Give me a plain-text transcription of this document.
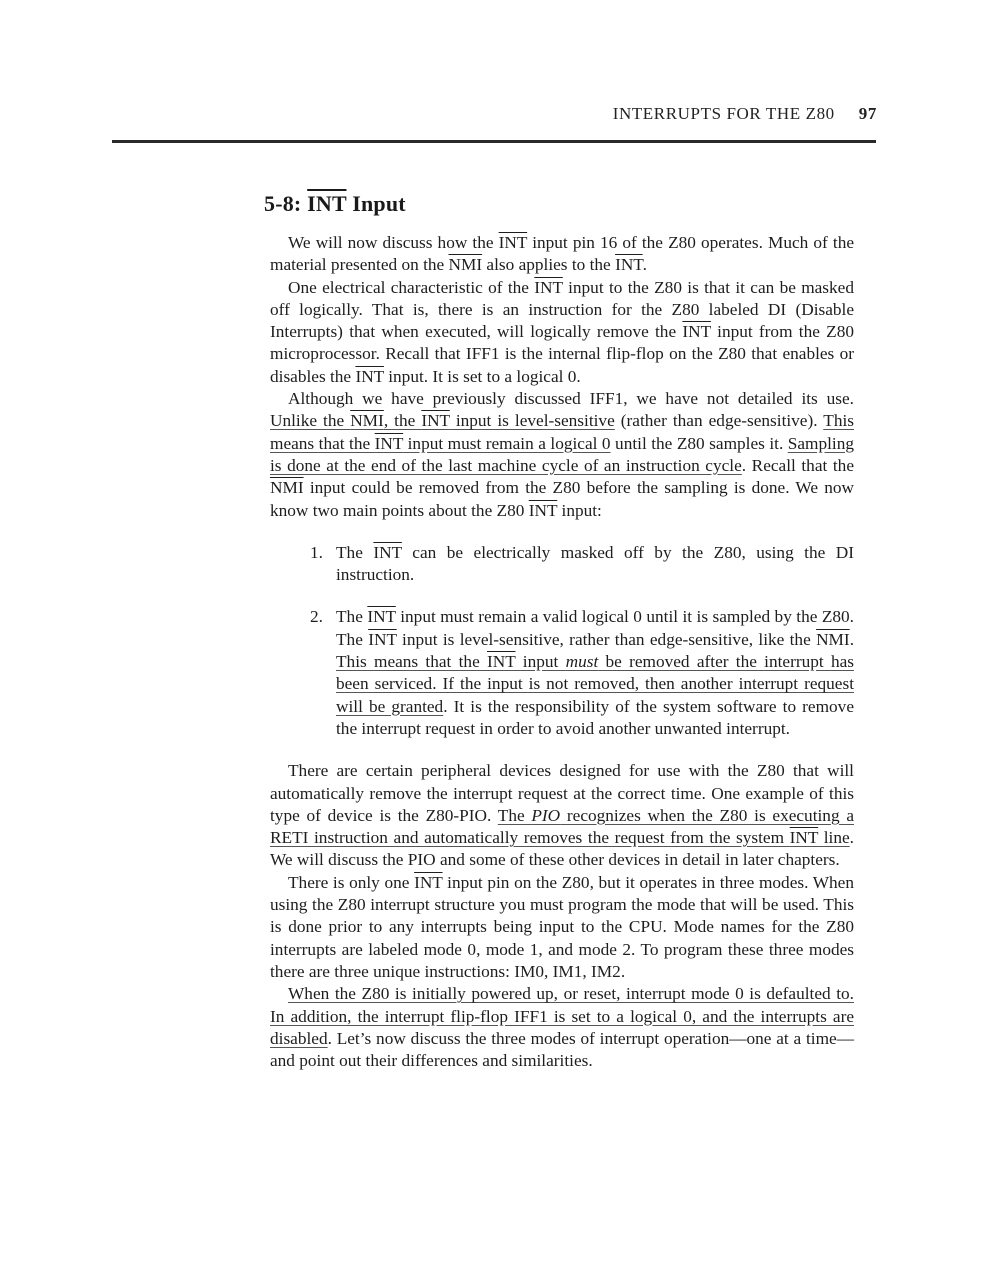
INTERRUPTS FOR THE Z80 97
5-8: $\overline{INT}$ Input

We will now discuss how the $\overline{INT}$ input pin 16 of the Z80 operates. Much of the material presented on the $\overline{NMI}$ also applies to the $\overline{INT}$.

One electrical characteristic of the $\overline{INT}$ input to the Z80 is that it can be masked off logically. That is, there is an instruction for the Z80 labeled DI (Disable Interrupts) that when executed, will logically remove the $\overline{INT}$ input from the Z80 microprocessor. Recall that IFF1 is the internal flip-flop on the Z80 that enables or disables the $\overline{INT}$ input. It is set to a logical 0.

Although we have previously discussed IFF1, we have not detailed its use. Unlike the NMI, the INT input is level-sensitive (rather than edge-sensitive). This means that the INT input must remain a logical 0 until the Z80 samples it. Sampling is done at the end of the last machine cycle of an instruction cycle. Recall that the $\overline{NMI}$ input could be removed from the Z80 before the sampling is done. We now know two main points about the Z80 $\overline{INT}$ input:

1. The $\overline{INT}$ can be electrically masked off by the Z80, using the DI instruction.
2. The $\overline{INT}$ input must remain a valid logical 0 until it is sampled by the Z80. The $\overline{INT}$ input is level-sensitive, rather than edge-sensitive, like the $\overline{NMI}$. This means that the INT input must be removed after the interrupt has been serviced. If the input is not removed, then another interrupt request will be granted. It is the responsibility of the system software to remove the interrupt request in order to avoid another unwanted interrupt.

There are certain peripheral devices designed for use with the Z80 that will automatically remove the interrupt request at the correct time. One example of this type of device is the Z80-PIO. The PIO recognizes when the Z80 is executing a RETI instruction and automatically removes the request from the system INT line. We will discuss the PIO and some of these other devices in detail in later chapters.

There is only one $\overline{INT}$ input pin on the Z80, but it operates in three modes. When using the Z80 interrupt structure you must program the mode that will be used. This is done prior to any interrupts being input to the CPU. Mode names for the Z80 interrupts are labeled mode 0, mode 1, and mode 2. To program these three modes there are three unique instructions: IM0, IM1, IM2.

When the Z80 is initially powered up, or reset, interrupt mode 0 is defaulted to. In addition, the interrupt flip-flop IFF1 is set to a logical 0, and the interrupts are disabled. Let’s now discuss the three modes of interrupt operation—one at a time—and point out their differences and similarities.
